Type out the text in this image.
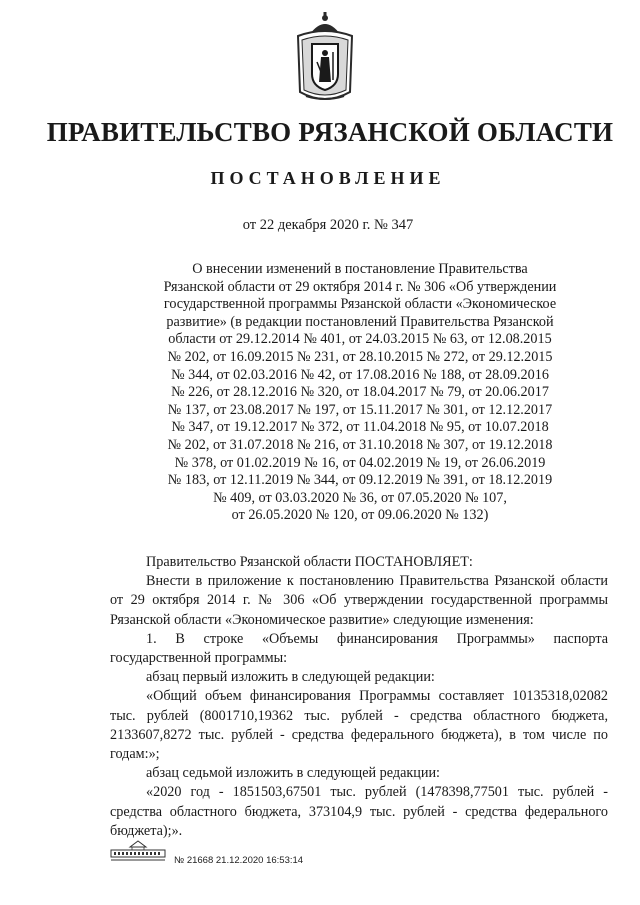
ПРАВИТЕЛЬСТВО РЯЗАНСКОЙ ОБЛАСТИ
ПОСТАНОВЛЕНИЕ
от 22 декабря 2020 г. № 347
О внесении изменений в постановление Правительства
Рязанской области от 29 октября 2014 г. № 306 «Об утверждении
государственной программы Рязанской области «Экономическое
развитие» (в редакции постановлений Правительства Рязанской
области от 29.12.2014 № 401, от 24.03.2015 № 63, от 12.08.2015
№ 202, от 16.09.2015 № 231, от 28.10.2015 № 272, от 29.12.2015
№ 344, от 02.03.2016 № 42, от 17.08.2016 № 188, от 28.09.2016
№ 226, от 28.12.2016 № 320, от 18.04.2017 № 79, от 20.06.2017
№ 137, от 23.08.2017 № 197, от 15.11.2017 № 301, от 12.12.2017
№ 347, от 19.12.2017 № 372, от 11.04.2018 № 95, от 10.07.2018
№ 202, от 31.07.2018 № 216, от 31.10.2018 № 307, от 19.12.2018
№ 378, от 01.02.2019 № 16, от 04.02.2019 № 19, от 26.06.2019
№ 183, от 12.11.2019 № 344, от 09.12.2019 № 391, от 18.12.2019
№ 409, от 03.03.2020 № 36, от 07.05.2020 № 107,
от 26.05.2020 № 120, от 09.06.2020 № 132)

Правительство Рязанской области ПОСТАНОВЛЯЕТ:

Внести в приложение к постановлению Правительства Рязанской области от 29 октября 2014 г. № 306 «Об утверждении государственной программы Рязанской области «Экономическое развитие» следующие изменения:

1. В строке «Объемы финансирования Программы» паспорта государственной программы:

абзац первый изложить в следующей редакции:

«Общий объем финансирования Программы составляет 10135318,02082 тыс. рублей (8001710,19362 тыс. рублей - средства областного бюджета, 2133607,8272 тыс. рублей - средства федерального бюджета), в том числе по годам:»;

абзац седьмой изложить в следующей редакции:

«2020 год - 1851503,67501 тыс. рублей (1478398,77501 тыс. рублей - средства областного бюджета, 373104,9 тыс. рублей - средства федерального бюджета);».

№ 21668 21.12.2020 16:53:14
